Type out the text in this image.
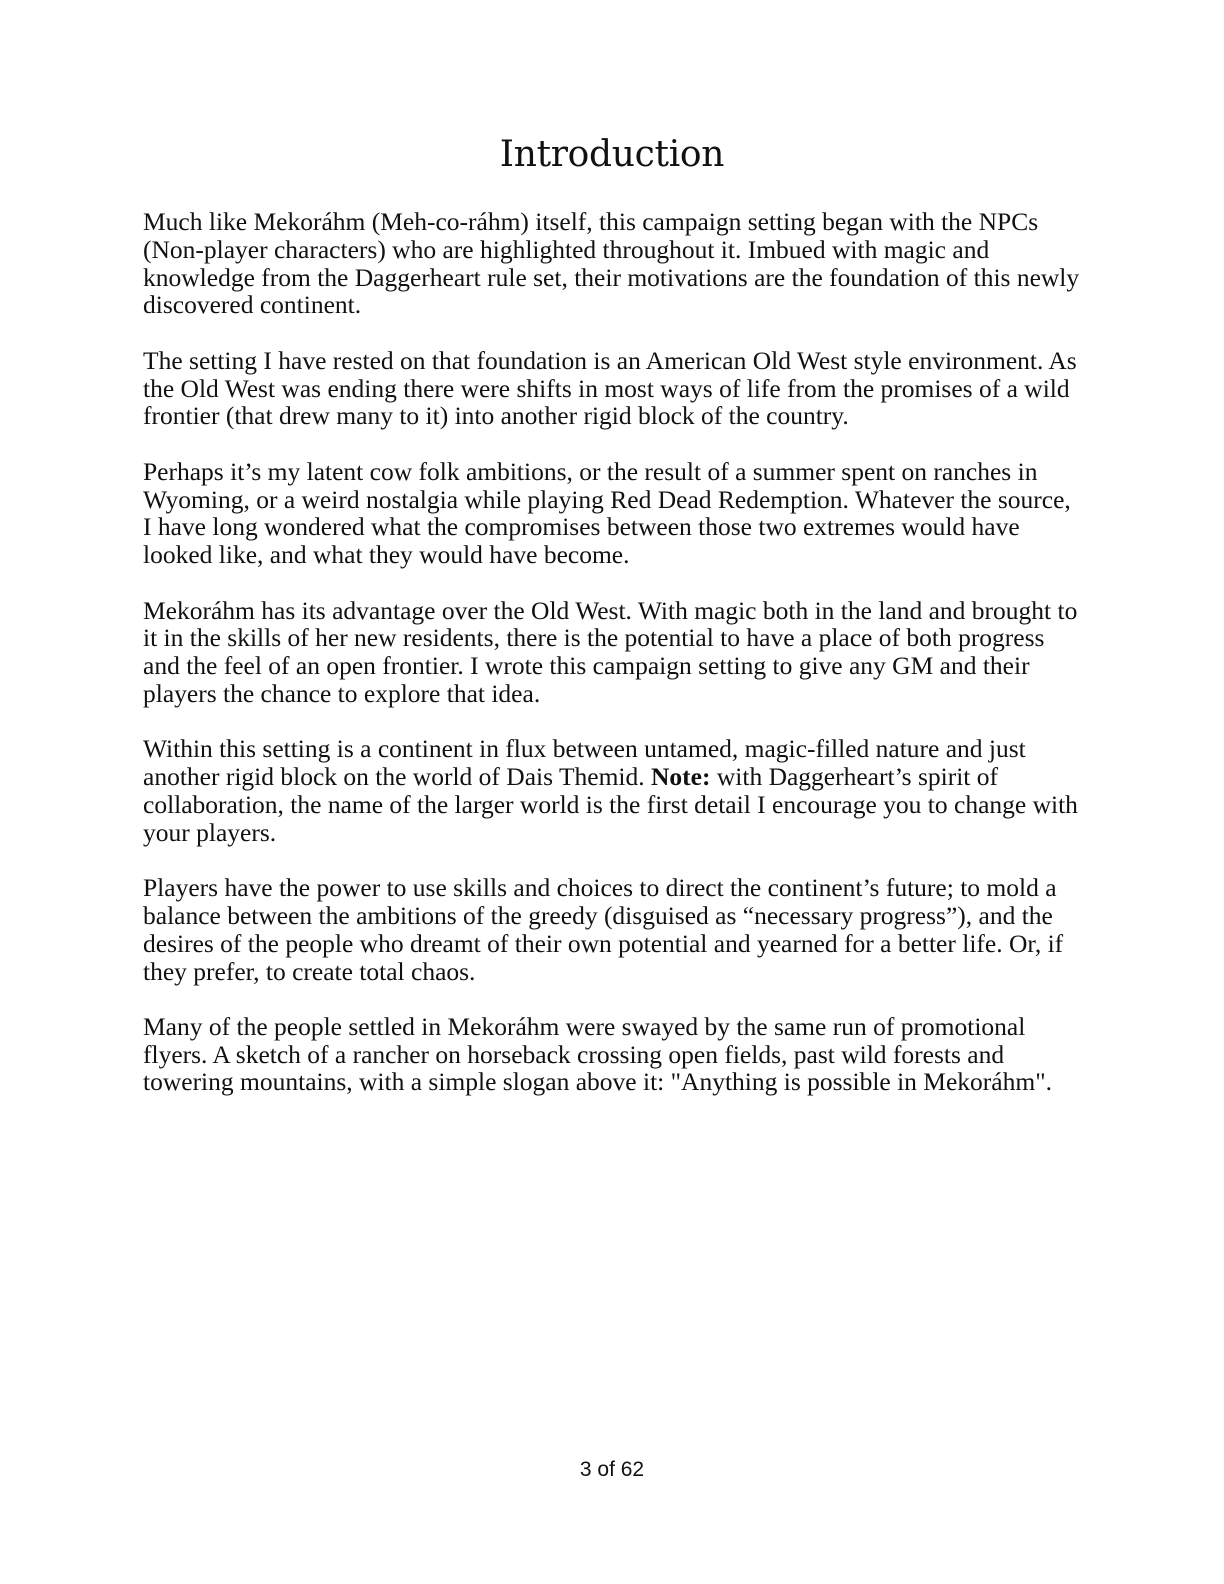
Introduction

Much like Mekoráhm (Meh-co-ráhm) itself, this campaign setting began with the NPCs (Non-player characters) who are highlighted throughout it. Imbued with magic and knowledge from the Daggerheart rule set, their motivations are the foundation of this newly discovered continent.

The setting I have rested on that foundation is an American Old West style environment. As the Old West was ending there were shifts in most ways of life from the promises of a wild frontier (that drew many to it) into another rigid block of the country.

Perhaps it’s my latent cow folk ambitions, or the result of a summer spent on ranches in Wyoming, or a weird nostalgia while playing Red Dead Redemption. Whatever the source, I have long wondered what the compromises between those two extremes would have looked like, and what they would have become.

Mekoráhm has its advantage over the Old West. With magic both in the land and brought to it in the skills of her new residents, there is the potential to have a place of both progress and the feel of an open frontier. I wrote this campaign setting to give any GM and their players the chance to explore that idea.

Within this setting is a continent in flux between untamed, magic-filled nature and just another rigid block on the world of Dais Themid. Note: with Daggerheart’s spirit of collaboration, the name of the larger world is the first detail I encourage you to change with your players.

Players have the power to use skills and choices to direct the continent’s future; to mold a balance between the ambitions of the greedy (disguised as “necessary progress”), and the desires of the people who dreamt of their own potential and yearned for a better life. Or, if they prefer, to create total chaos.

Many of the people settled in Mekoráhm were swayed by the same run of promotional flyers. A sketch of a rancher on horseback crossing open fields, past wild forests and towering mountains, with a simple slogan above it: "Anything is possible in Mekoráhm".

3 of 62
